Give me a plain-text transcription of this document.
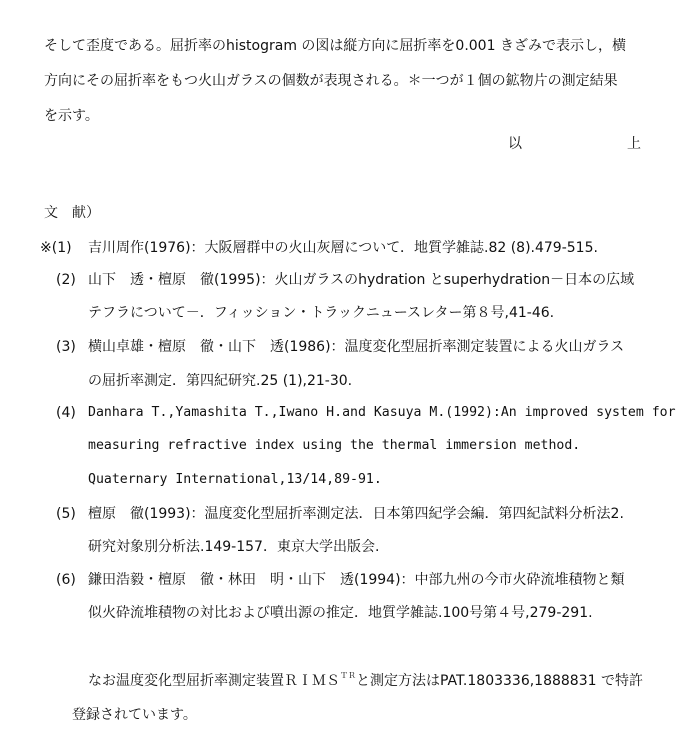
そして歪度である。屈折率のhistogram の図は縦方向に屈折率を0.001 きざみで表示し，横
方向にその屈折率をもつ火山ガラスの個数が表現される。＊一つが１個の鉱物片の測定結果
を示す。
以	上
文　献）
※(1) 吉川周作(1976)：大阪層群中の火山灰層について．地質学雑誌.82 (8).479-515.
(2) 山下　透・檀原　徹(1995)：火山ガラスのhydration とsuperhydration－日本の広域
テフラについて－．フィッション・トラックニュースレター第８号,41-46.
(3) 横山卓雄・檀原　徹・山下　透(1986)：温度変化型屈折率測定装置による火山ガラス
の屈折率測定．第四紀研究.25 (1),21-30.
(4) Danhara T.,Yamashita T.,Iwano H.and Kasuya M.(1992):An improved system for
measuring refractive index using the thermal immersion method.
Quaternary International,13/14,89-91.
(5) 檀原　徹(1993)：温度変化型屈折率測定法．日本第四紀学会編．第四紀試料分析法2.
研究対象別分析法.149-157．東京大学出版会.
(6) 鎌田浩毅・檀原　徹・林田　明・山下　透(1994)：中部九州の今市火砕流堆積物と類
似火砕流堆積物の対比および噴出源の推定．地質学雑誌.100号第４号,279-291.
なお温度変化型屈折率測定装置ＲＩＭＳ$^{TR}$と測定方法はPAT.1803336,1888831 で特許
登録されています。
